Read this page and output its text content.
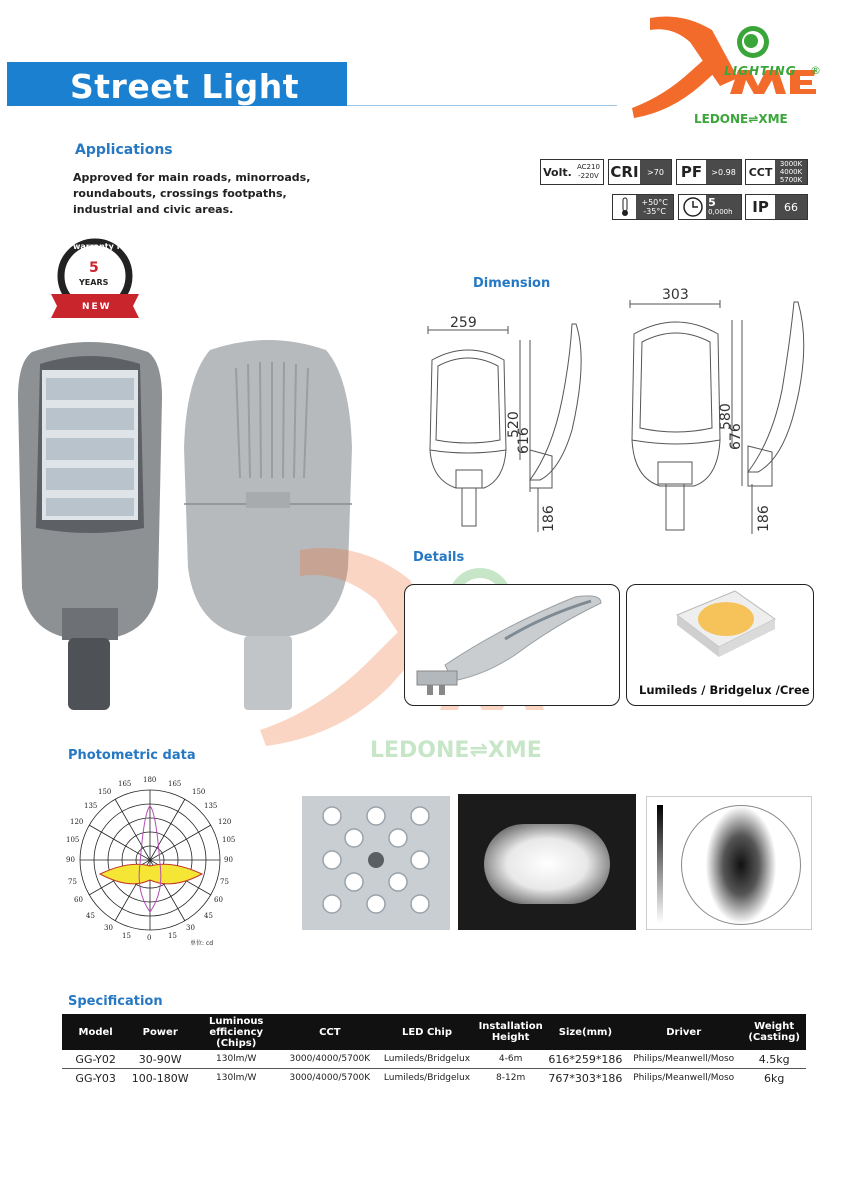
Street Light	LIGHTING ®
LEDONE⇌XME
Applications
Approved for main roads, minorroads, roundabouts, crossings footpaths, industrial and civic areas.
Volt. AC210 -220V CRI	>70	PF	>0.98	CCT
3000K 4000K 5700K
+50°C -35°C
5
0,000h	IP	66
warranty for
5
YEARS
NEW
Dimension
259
520
616
186
303
580
676
186
LEDONE⇌XME
Details
Lumileds / Bridgelux /Cree
Photometric data
180
165	165
150	150
135	135
120	120
105	105
90	90
75	75
60	60
45	45
30	30
15 0 15
单位: cd
Specification
Model	Power	Luminous efficiency (Chips)	CCT	LED Chip	Installation Height	Size(mm)	Driver	Weight (Casting)
GG-Y02	30-90W	130lm/W	3000/4000/5700K	Lumileds/Bridgelux	4-6m	616*259*186	Philips/Meanwell/Moso	4.5kg
GG-Y03	100-180W	130lm/W	3000/4000/5700K	Lumileds/Bridgelux	8-12m	767*303*186	Philips/Meanwell/Moso	6kg
